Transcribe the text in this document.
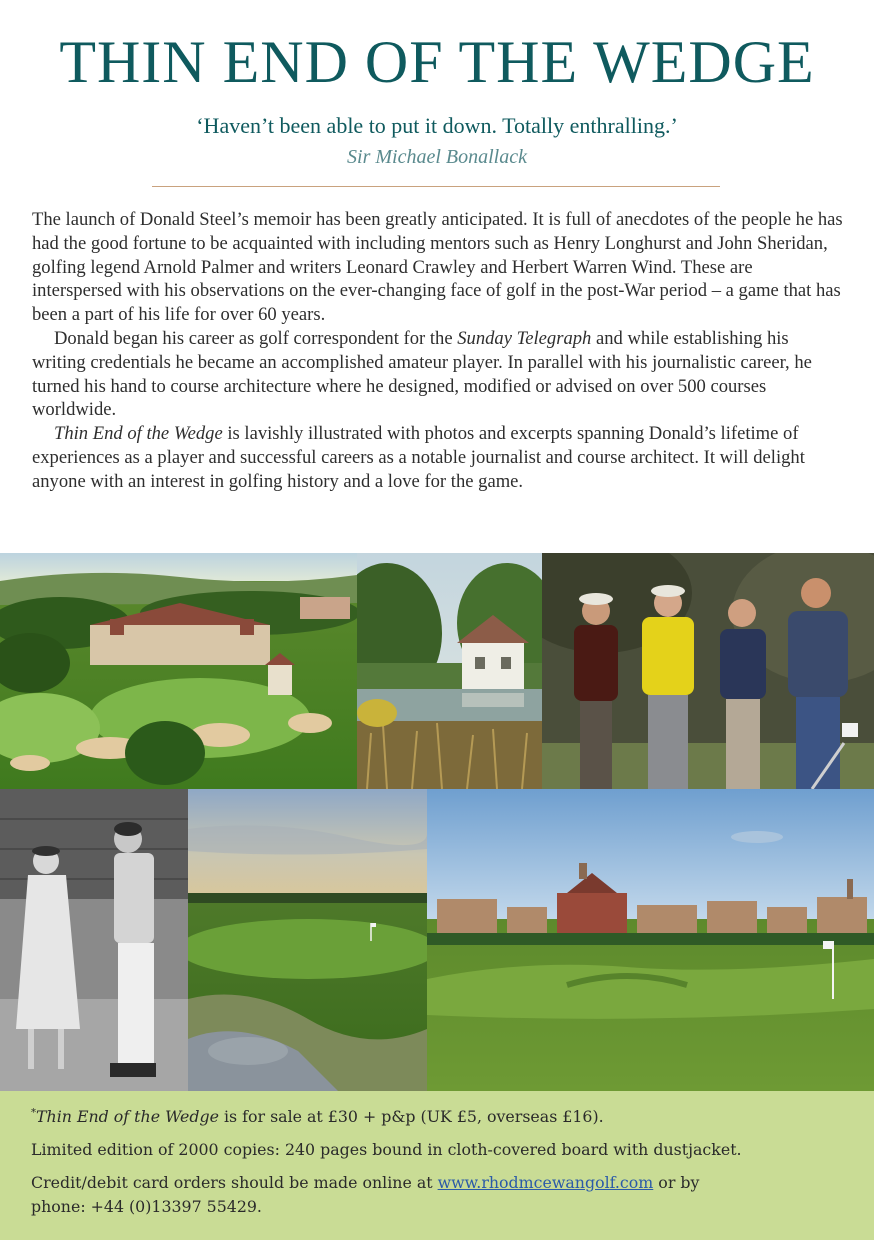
THIN END OF THE WEDGE
‘Haven’t been able to put it down. Totally enthralling.’
Sir Michael Bonallack

The launch of Donald Steel’s memoir has been greatly anticipated. It is full of anecdotes of the people he has had the good fortune to be acquainted with including mentors such as Henry Longhurst and John Sheridan, golfing legend Arnold Palmer and writers Leonard Crawley and Herbert Warren Wind. These are interspersed with his observations on the ever-changing face of golf in the post-War period – a game that has been a part of his life for over 60 years.

Donald began his career as golf correspondent for the Sunday Telegraph and while establishing his writing credentials he became an accomplished amateur player. In parallel with his journalistic career, he turned his hand to course architecture where he designed, modified or advised on over 500 courses worldwide.

Thin End of the Wedge is lavishly illustrated with photos and excerpts spanning Donald’s lifetime of experiences as a player and successful careers as a notable journalist and course architect. It will delight anyone with an interest in golfing history and a love for the game.

*Thin End of the Wedge is for sale at £30 + p&p (UK £5, overseas £16).
Limited edition of 2000 copies: 240 pages bound in cloth-covered board with dustjacket.
Credit/debit card orders should be made online at www.rhodmcewangolf.com or by
phone: +44 (0)13397 55429.
